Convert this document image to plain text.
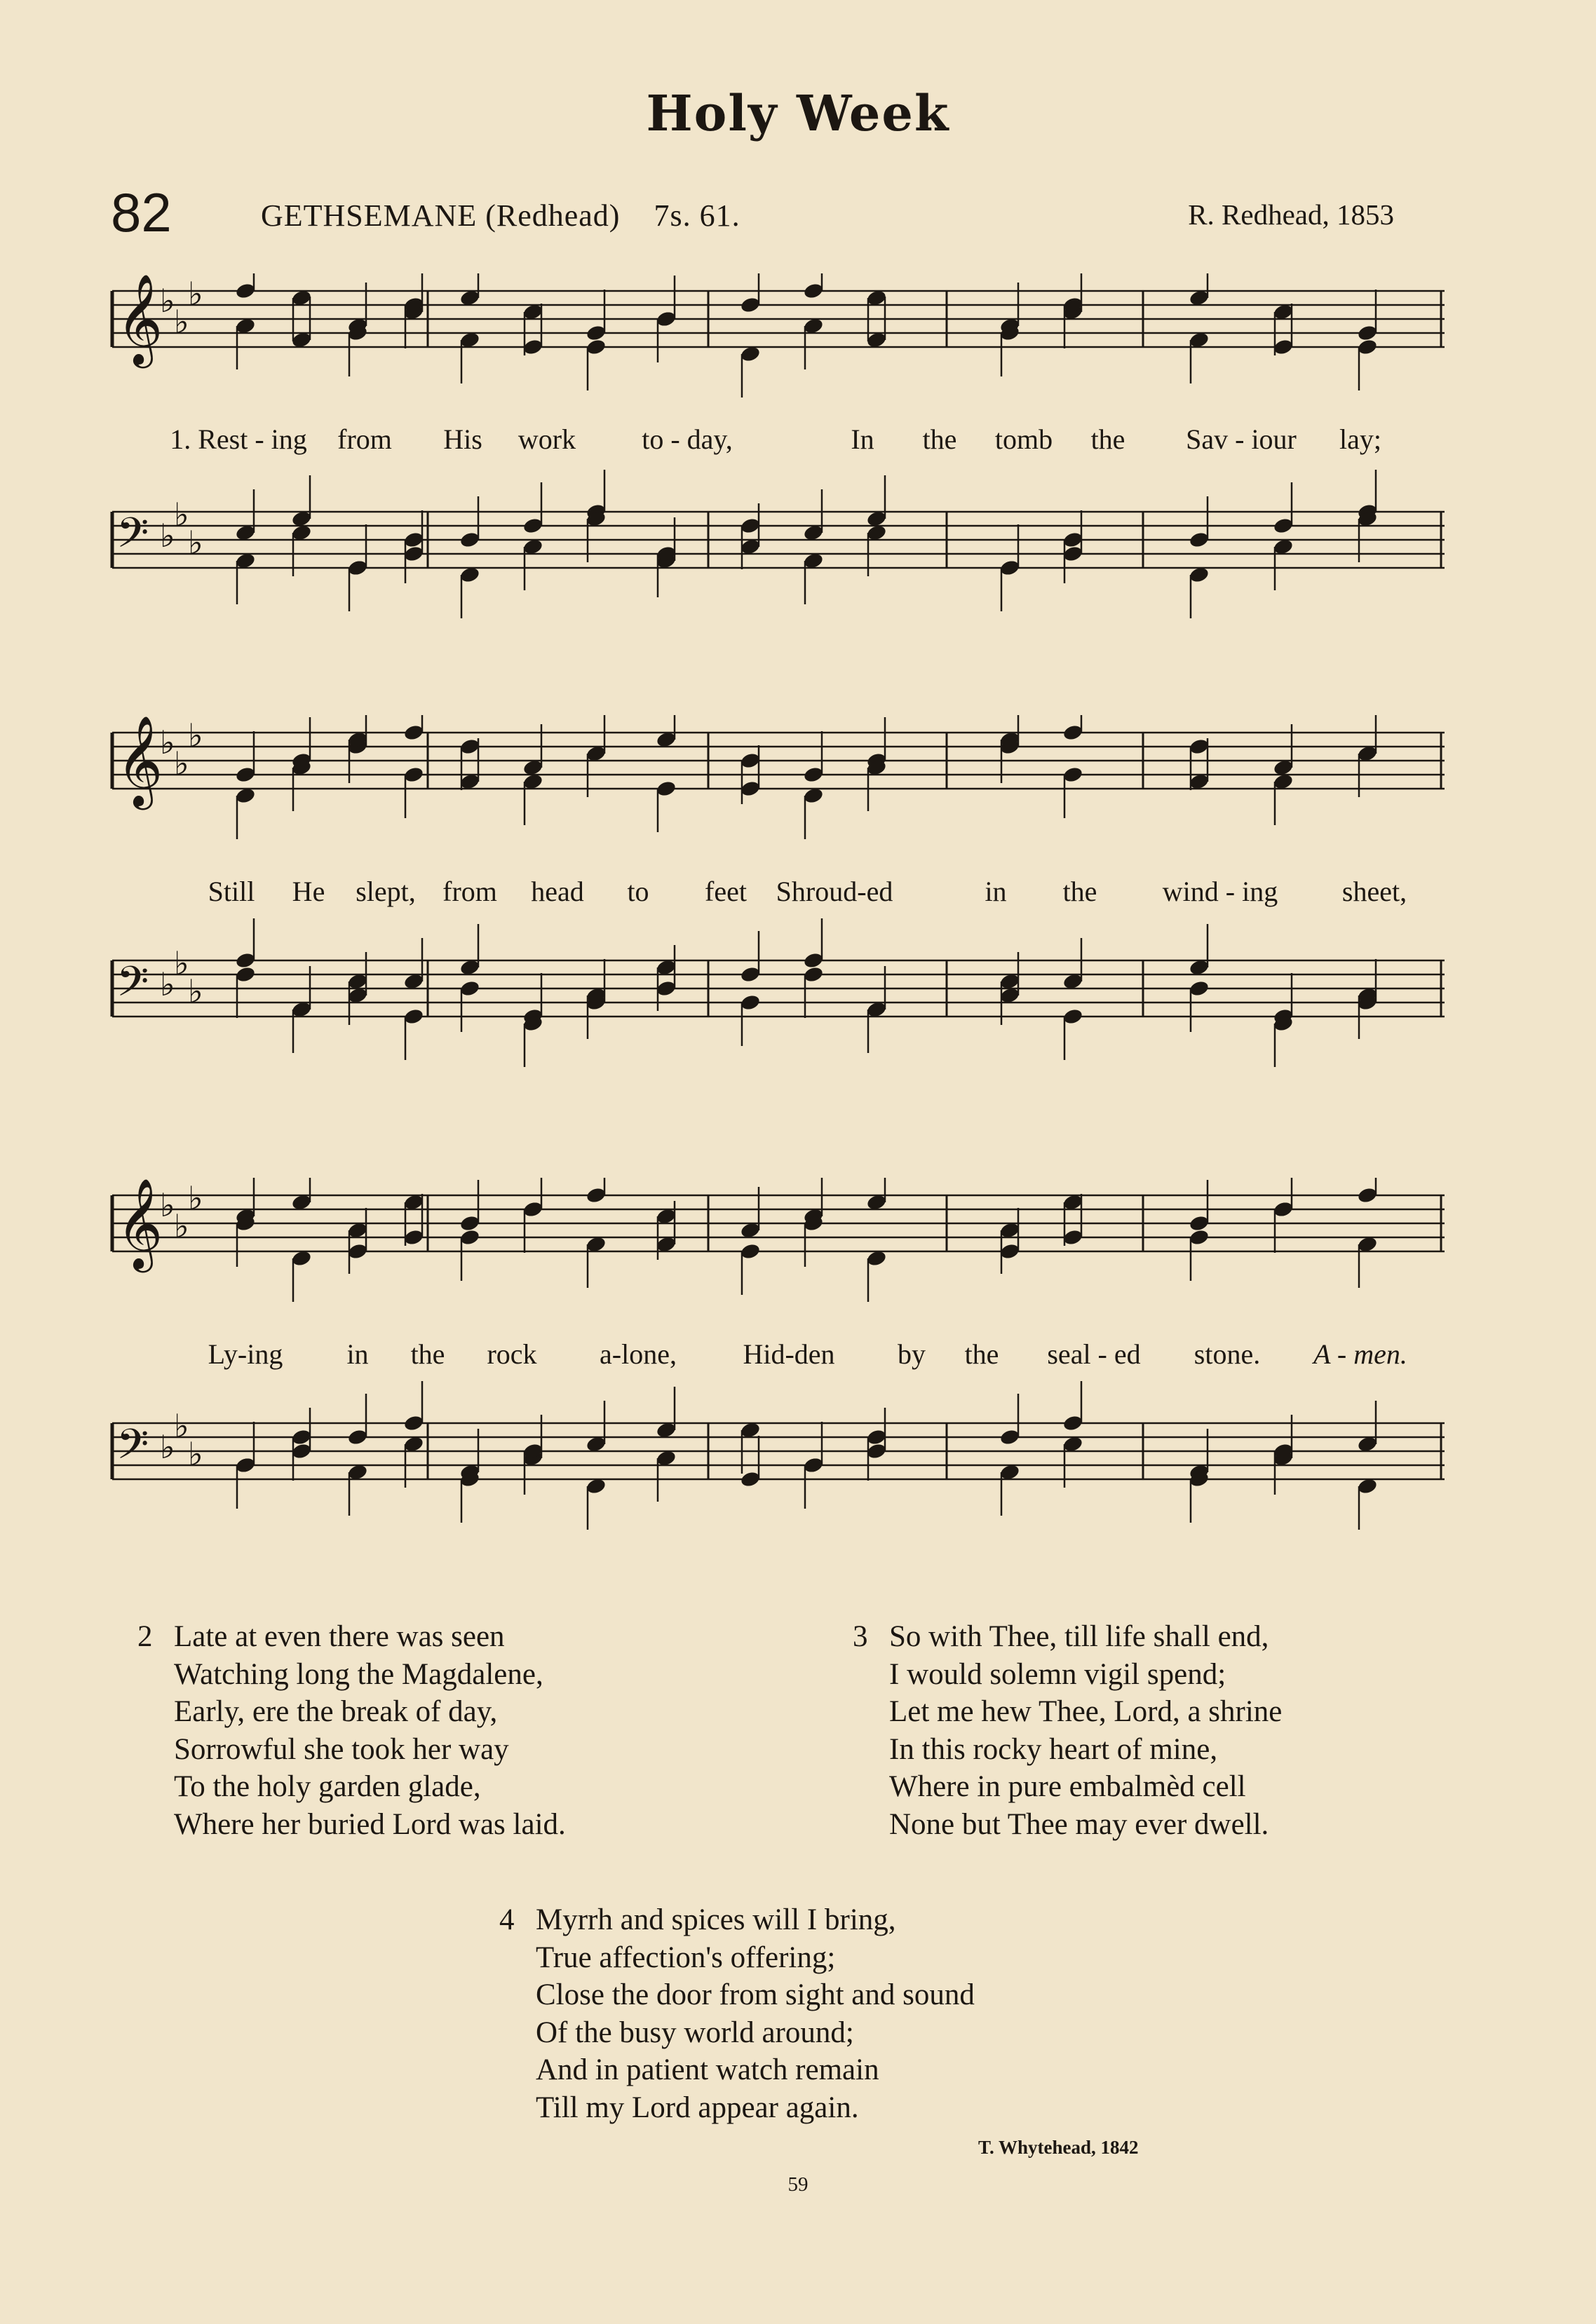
Holy Week
82	GETHSEMANE (Redhead) 7s. 61.	R. Redhead, 1853
𝄞
♭
♭
♭
1. Rest - ing from His work to - day,	In the tomb the Sav - iour lay;
𝄢 ♭
♭
♭
𝄞
♭
♭
♭
Still He slept, from head to feet Shroud-ed	in the wind - ing sheet,
𝄢 ♭
♭
♭
𝄞
♭
♭
♭
Ly-ing in the rock a-lone, Hid-den by the seal - ed stone. A - men.
𝄢 ♭
♭
♭
2 Late at even there was seen
Watching long the Magdalene,
Early, ere the break of day,
Sorrowful she took her way
To the holy garden glade,
Where her buried Lord was laid.
3 So with Thee, till life shall end,
I would solemn vigil spend;
Let me hew Thee, Lord, a shrine
In this rocky heart of mine,
Where in pure embalmèd cell
None but Thee may ever dwell.
4 Myrrh and spices will I bring,
True affection's offering;
Close the door from sight and sound
Of the busy world around;
And in patient watch remain
Till my Lord appear again.
T. Whytehead, 1842
59
